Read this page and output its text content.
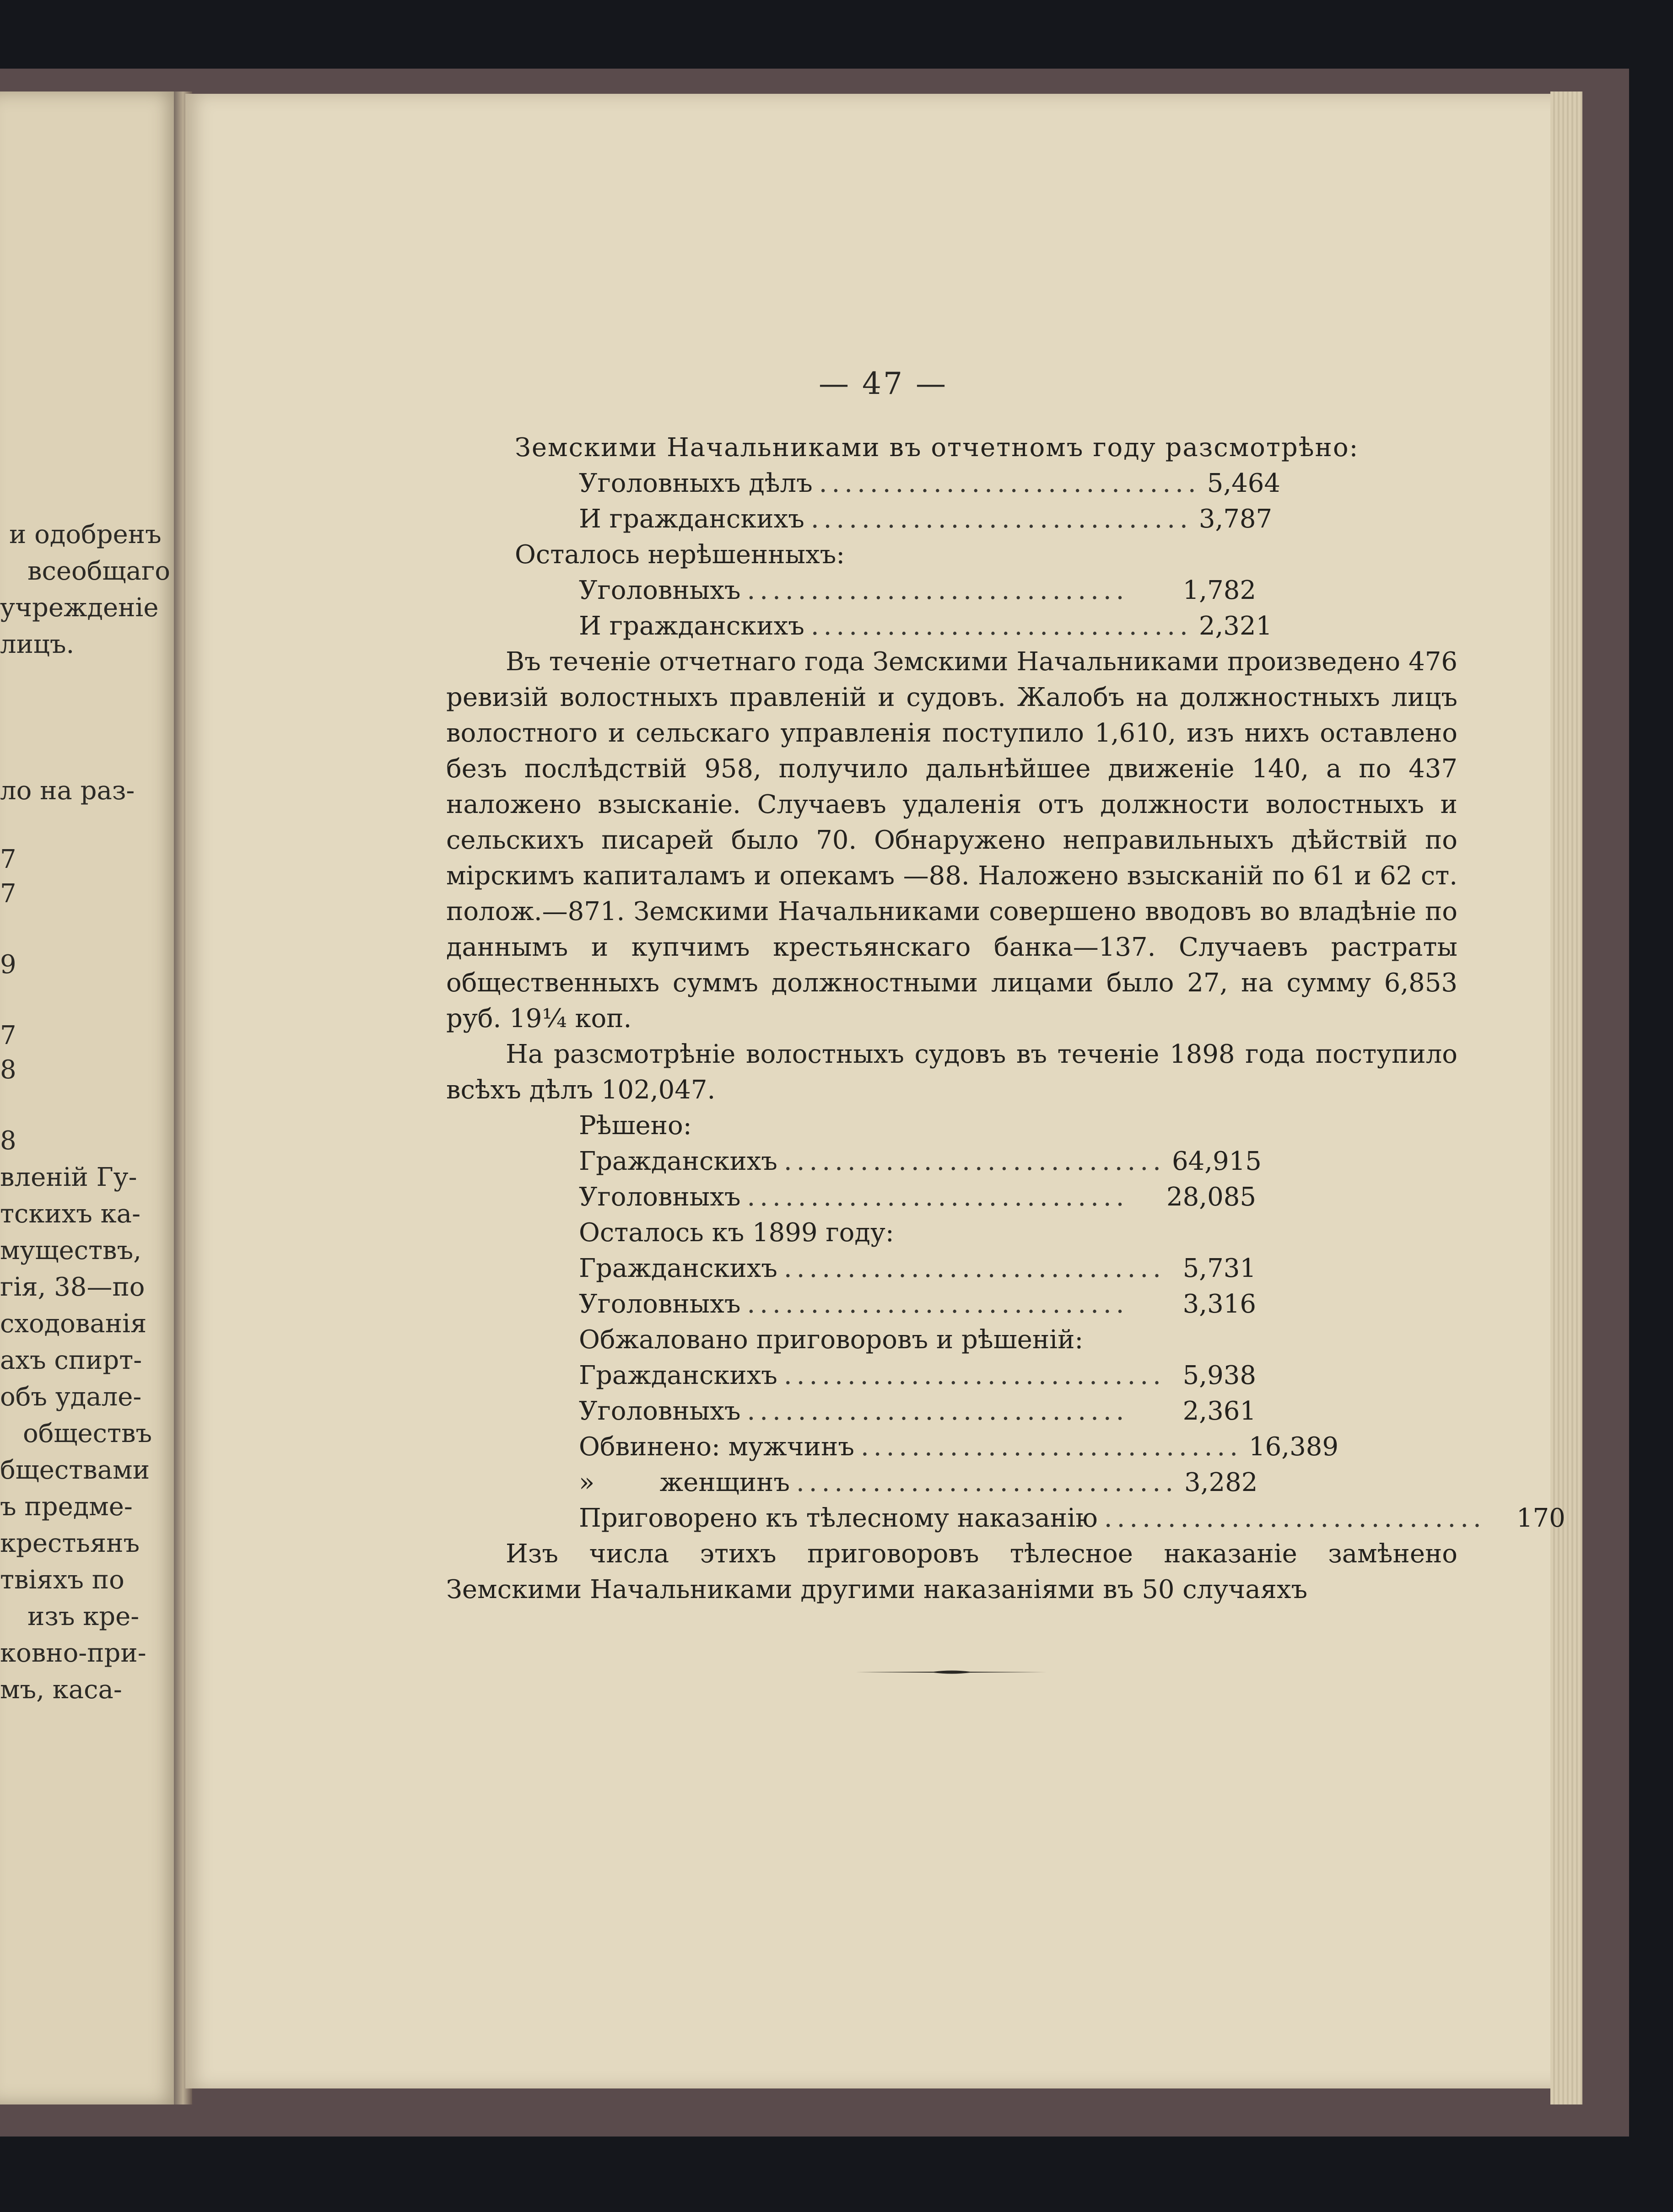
и одобренъ
всеобщаго
учрежденіе
лицъ.
ло на раз-
7
7
9
7
8
8
вленій Гу-
тскихъ ка-
муществъ,
гія, 38—по
сходованія
ахъ спирт-
объ удале-
обществъ
бществами
ъ предме-
крестьянъ
твіяхъ по
изъ кре-
ковно-при-
мъ, каса-
— 47 —
Земскими Начальниками въ отчетномъ году разсмотрѣно:
Уголовныхъ дѣлъ .............................. 5,464
И гражданскихъ .............................. 3,787
Осталось нерѣшенныхъ:
Уголовныхъ ..............................	1,782
И гражданскихъ .............................. 2,321

Въ теченіе отчетнаго года Земскими Начальниками произведено 476 ревизій волостныхъ правленій и судовъ. Жалобъ на должностныхъ лицъ волостного и сельскаго управленія поступило 1,610, изъ нихъ оставлено безъ послѣдствій 958, получило дальнѣйшее движеніе 140, а по 437 наложено взысканіе. Случаевъ удаленія отъ должности волостныхъ и сельскихъ писарей было 70. Обнаружено неправильныхъ дѣйствій по мірскимъ капиталамъ и опекамъ —88. Наложено взысканій по 61 и 62 ст. полож.—871. Земскими Начальниками совершено вводовъ во владѣніе по даннымъ и купчимъ крестьянскаго банка—137. Случаевъ растраты общественныхъ суммъ должностными лицами было 27, на сумму 6,853 руб. 19¼ коп.

На разсмотрѣніе волостныхъ судовъ въ теченіе 1898 года поступило всѣхъ дѣлъ 102,047.

Рѣшено:
Гражданскихъ .............................. 64,915
Уголовныхъ ..............................	28,085
Осталось къ 1899 году:
Гражданскихъ .............................. 5,731
Уголовныхъ ..............................	3,316
Обжаловано приговоровъ и рѣшеній:
Гражданскихъ .............................. 5,938
Уголовныхъ ..............................	2,361
Обвинено: мужчинъ .............................. 16,389
»        женщинъ .............................. 3,282
Приговорено къ тѣлесному наказанію ..............................	170

Изъ числа этихъ приговоровъ тѣлесное наказаніе замѣнено Земскими Начальниками другими наказаніями въ 50 случаяхъ
